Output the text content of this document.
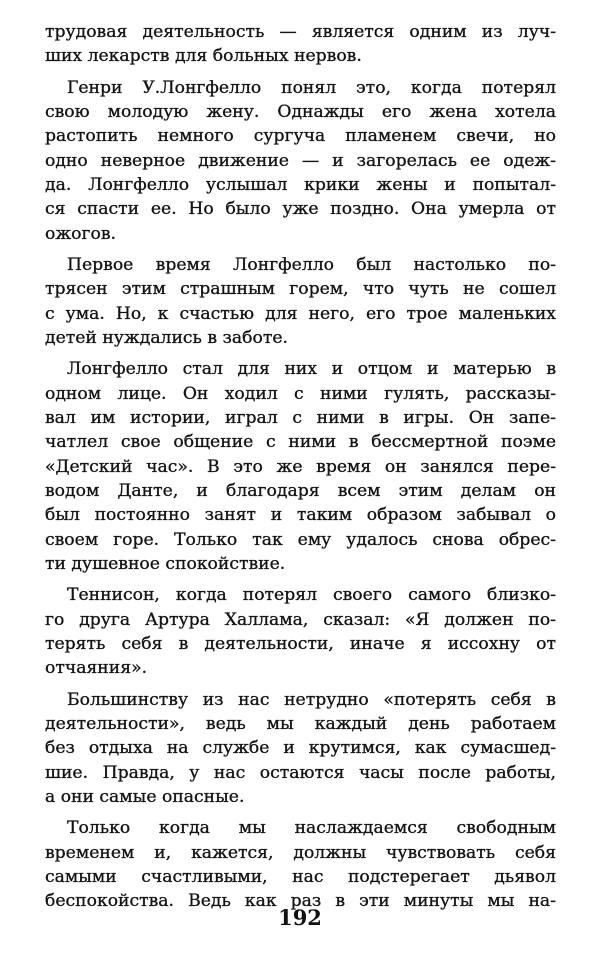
трудовая деятельность — является одним из луч-
ших лекарств для больных нервов.
Генри У.Лонгфелло понял это, когда потерял
свою молодую жену. Однажды его жена хотела
растопить немного сургуча пламенем свечи, но
одно неверное движение — и загорелась ее одеж-
да. Лонгфелло услышал крики жены и попытал-
ся спасти ее. Но было уже поздно. Она умерла от
ожогов.
Первое время Лонгфелло был настолько по-
трясен этим страшным горем, что чуть не сошел
с ума. Но, к счастью для него, его трое маленьких
детей нуждались в заботе.
Лонгфелло стал для них и отцом и матерью в
одном лице. Он ходил с ними гулять, рассказы-
вал им истории, играл с ними в игры. Он запе-
чатлел свое общение с ними в бессмертной поэме
«Детский час». В это же время он занялся пере-
водом Данте, и благодаря всем этим делам он
был постоянно занят и таким образом забывал о
своем горе. Только так ему удалось снова обрес-
ти душевное спокойствие.
Теннисон, когда потерял своего самого близко-
го друга Артура Халлама, сказал: «Я должен по-
терять себя в деятельности, иначе я иссохну от
отчаяния».
Большинству из нас нетрудно «потерять себя в
деятельности», ведь мы каждый день работаем
без отдыха на службе и крутимся, как сумасшед-
шие. Правда, у нас остаются часы после работы,
а они самые опасные.
Только когда мы наслаждаемся свободным
временем и, кажется, должны чувствовать себя
самыми счастливыми, нас подстерегает дьявол
беспокойства. Ведь как раз в эти минуты мы на-
192
